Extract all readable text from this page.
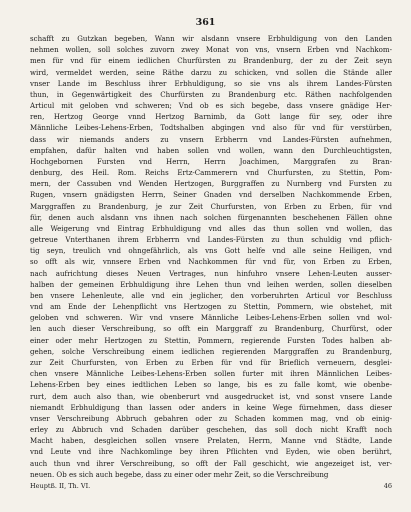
361
schafft zu Gutzkan begeben, Wann wir alsdann vnsere Erbhuldigung von den Landen
nehmen wollen, soll solches zuvorn zwey Monat von vns, vnsern Erben vnd Nachkom-
men für vnd für einem iedlichen Churfürsten zu Brandenburg, der zu der Zeit seyn
wird, vermeldet werden, seine Räthe darzu zu schicken, vnd sollen die Stände aller
vnser Lande im Beschluss ihrer Erbhuldigung, so sie vns als ihrem Landes-Fürsten
thun, in Gegenwärtigkeit des Churfürsten zu Brandenburg etc. Räthen nachfolgenden
Articul mit geloben vnd schweren; Vnd ob es sich begebe, dass vnsere gnädige Her-
ren, Hertzog George vnnd Hertzog Barnimb, da Gott lange für sey, oder ihre
Männliche Leibes-Lehens-Erben, Todtshalben abgingen vnd also für vnd für verstürben,
dass wir niemands anders zu vnsern Erbherrn vnd Landes-Fürsten aufnehmen,
empfahen, dafür halten vnd haben sollen vnd wollen, wann den Durchleuchtigsten,
Hochgebornen Fursten vnd Herrn, Herrn Joachimen, Marggrafen zu Bran-
denburg, des Heil. Rom. Reichs Ertz-Cammerern vnd Churfursten, zu Stettin, Pom-
mern, der Cassuben vnd Wenden Hertzogen, Burggraffen zu Nurnberg vnd Fursten zu
Rugen, vnsern gnädigsten Herrn, Seiner Gnaden vnd derselben Nachkommende Erben,
Marggraffen zu Brandenburg, je zur Zeit Churfursten, von Erben zu Erben, für vnd
für, denen auch alsdann vns ihnen nach solchen fürgenannten beschehenen Fällen ohne
alle Weigerung vnd Eintrag Erbhuldigung vnd alles das thun sollen vnd wollen, das
getreue Vnterthanen ihrem Erbherrn vnd Landes-Fürsten zu thun schuldig vnd pflich-
tig seyn, treulich vnd ohngefährlich, als vns Gott helfe vnd alle seine Heiligen, vnd
so offt als wir, vnnsere Erben vnd Nachkommen für vnd für, von Erben zu Erben,
nach aufrichtung dieses Neuen Vertrages, nun hinfuhro vnsere Lehen-Leuten ausser-
halben der gemeinen Erbhuldigung ihre Lehen thun vnd leihen werden, sollen dieselben
ben vnsere Lehenleute, alle vnd ein jeglicher, den vorberuhrten Articul vor Beschluss
vnd am Ende der Lehenpflicht vns Hertzogen zu Stettin, Pommern, wie obstehet, mit
geloben vnd schweren. Wir vnd vnsere Männliche Leibes-Lehens-Erben sollen vnd wol-
len auch dieser Verschreibung, so offt ein Marggraff zu Brandenburg, Churfürst, oder
einer oder mehr Hertzogen zu Stettin, Pommern, regierende Fursten Todes halben ab-
gehen, solche Verschreibung einem iedlichen regierenden Marggraffen zu Brandenburg,
zur Zeit Churfursten, von Erben zu Erben für vnd für Brieflich verneuern, desglei-
chen vnsere Männliche Leibes-Lehens-Erben sollen furter mit ihren Männlichen Leibes-
Lehens-Erben bey eines iedtlichen Leben so lange, bis es zu falle komt, wie obenbe-
rurt, dem auch also than, wie obenberurt vnd ausgedrucket ist, vnd sonst vnsere Lande
niemandt Erbhuldigung than lassen oder anders in keine Wege fürnehmen, dass dieser
vnser Verschreibung Abbruch gebahren oder zu Schaden kommen mag, vnd ob einig-
erley zu Abbruch vnd Schaden darüber geschehen, das soll doch nicht Krafft noch
Macht haben, desgleichen sollen vnsere Prelaten, Herrn, Manne vnd Städte, Lande
vnd Leute vnd ihre Nachkomlinge bey ihren Pflichten vnd Eyden, wie oben berührt,
auch thun vnd ihrer Verschreibung, so offt der Fall geschicht, wie angezeiget ist, ver-
neuen. Ob es sich auch begebe, dass zu einer oder mehr Zeit, so die Verschreibung
Heuptß. II, Th. VI.	46
